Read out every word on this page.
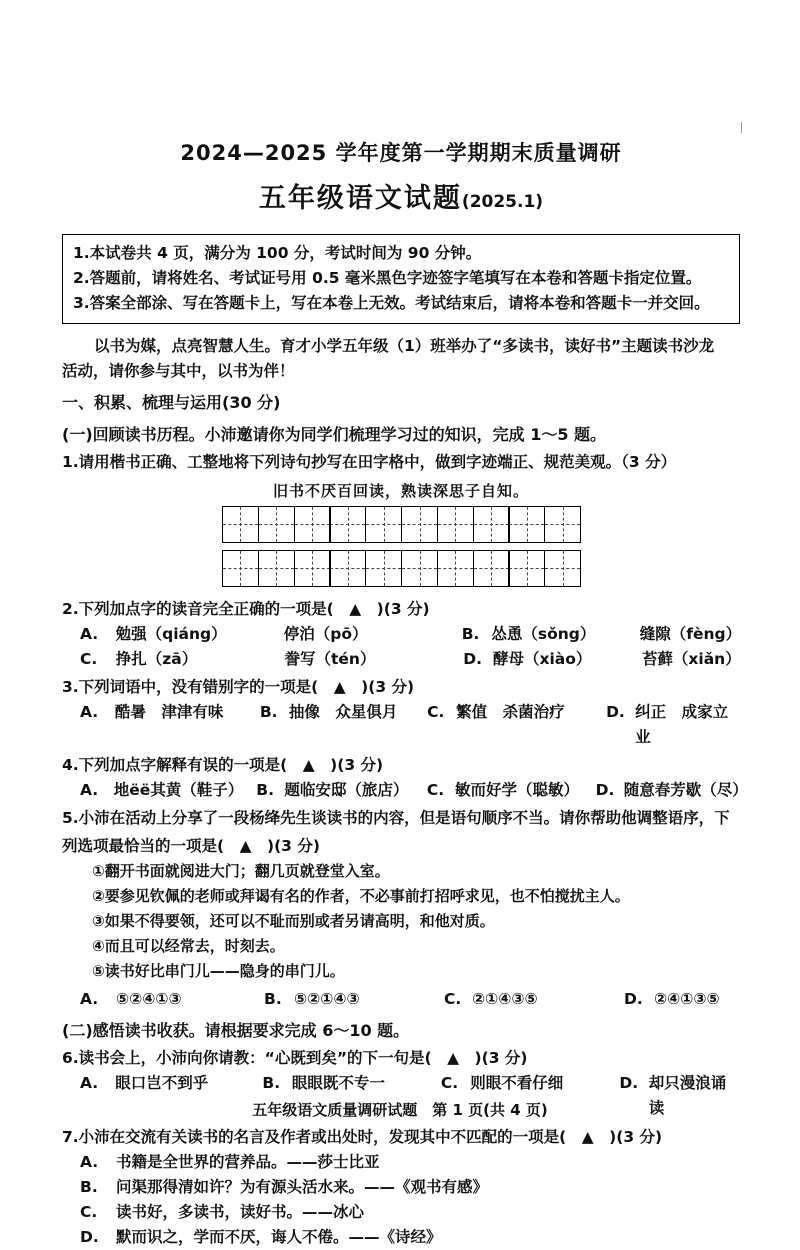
2024—2025 学年度第一学期期末质量调研
五年级语文试题(2025.1)
1.本试卷共 4 页，满分为 100 分，考试时间为 90 分钟。
2.答题前，请将姓名、考试证号用 0.5 毫米黑色字迹签字笔填写在本卷和答题卡指定位置。
3.答案全部涂、写在答题卡上，写在本卷上无效。考试结束后，请将本卷和答题卡一并交回。
以书为媒，点亮智慧人生。育才小学五年级（1）班举办了“多读书，读好书”主题读书沙龙
活动，请你参与其中，以书为伴！
一、积累、梳理与运用(30 分)
(一)回顾读书历程。小沛邀请你为同学们梳理学习过的知识，完成 1～5 题。
1.请用楷书正确、工整地将下列诗句抄写在田字格中，做到字迹端正、规范美观。（3 分）
旧书不厌百回读，熟读深思子自知。
2.下列加点字的读音完全正确的一项是(　▲　)(3 分)
A.	勉强（qiáng）	停泊（pō）	B. 怂恿（sǒng）	缝隙（fèng）
C.	挣扎（zā）	誊写（tén）	D. 酵母（xiào）	苔藓（xiǎn）
3.下列词语中，没有错别字的一项是(　▲　)(3 分)
A.	酷暑　津津有味	B. 抽像　众星俱月	C. 繁值　杀菌治疗	D. 纠正　成家立业
4.下列加点字解释有误的一项是(　▲　)(3 分)
A.	地ëë其黄（鞋子） B. 题临安邸（旅店）	C. 敏而好学（聪敏）	D. 随意春芳歇（尽）
5.小沛在活动上分享了一段杨绛先生谈读书的内容，但是语句顺序不当。请你帮助他调整语序，下
列选项最恰当的一项是(　▲　)(3 分)
①翻开书面就阅进大门；翻几页就登堂入室。
②要参见钦佩的老师或拜谒有名的作者，不必事前打招呼求见，也不怕搅扰主人。
③如果不得要领，还可以不耻而别或者另请高明，和他对质。
④而且可以经常去，时刻去。
⑤读书好比串门儿——隐身的串门儿。
A.	⑤②④①③	B. ⑤②①④③	C. ②①④③⑤	D. ②④①③⑤
(二)感悟读书收获。请根据要求完成 6～10 题。
6.读书会上，小沛向你请教：“心既到矣”的下一句是(　▲　)(3 分)
A.	眼口岂不到乎	B. 眼眼既不专一	C. 则眼不看仔细	D. 却只漫浪诵读
7.小沛在交流有关读书的名言及作者或出处时，发现其中不匹配的一项是(　▲　)(3 分)
A.	书籍是全世界的营养品。——莎士比亚
B.	问渠那得清如许？为有源头活水来。——《观书有感》
C.	读书好，多读书，读好书。——冰心
D.	默而识之，学而不厌，诲人不倦。——《诗经》
五年级语文质量调研试题　第 1 页(共 4 页)
